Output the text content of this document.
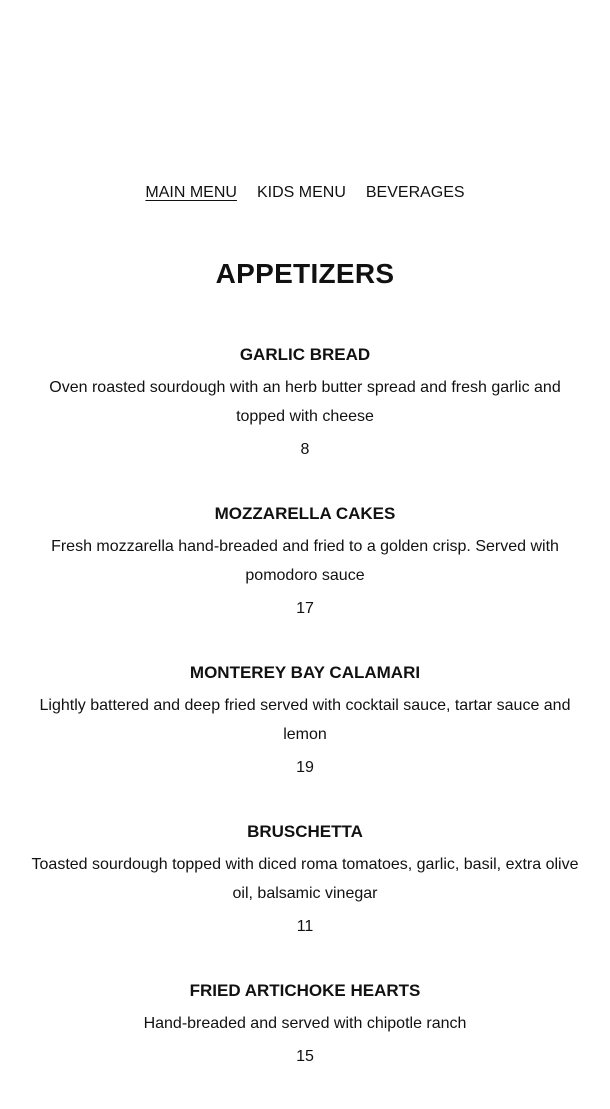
MAIN MENU KIDS MENU BEVERAGES
APPETIZERS
GARLIC BREAD
Oven roasted sourdough with an herb butter spread and fresh garlic and topped with cheese
8
MOZZARELLA CAKES
Fresh mozzarella hand-breaded and fried to a golden crisp. Served with pomodoro sauce
17
MONTEREY BAY CALAMARI
Lightly battered and deep fried served with cocktail sauce, tartar sauce and lemon
19
BRUSCHETTA
Toasted sourdough topped with diced roma tomatoes, garlic, basil, extra olive oil, balsamic vinegar
11
FRIED ARTICHOKE HEARTS
Hand-breaded and served with chipotle ranch
15
